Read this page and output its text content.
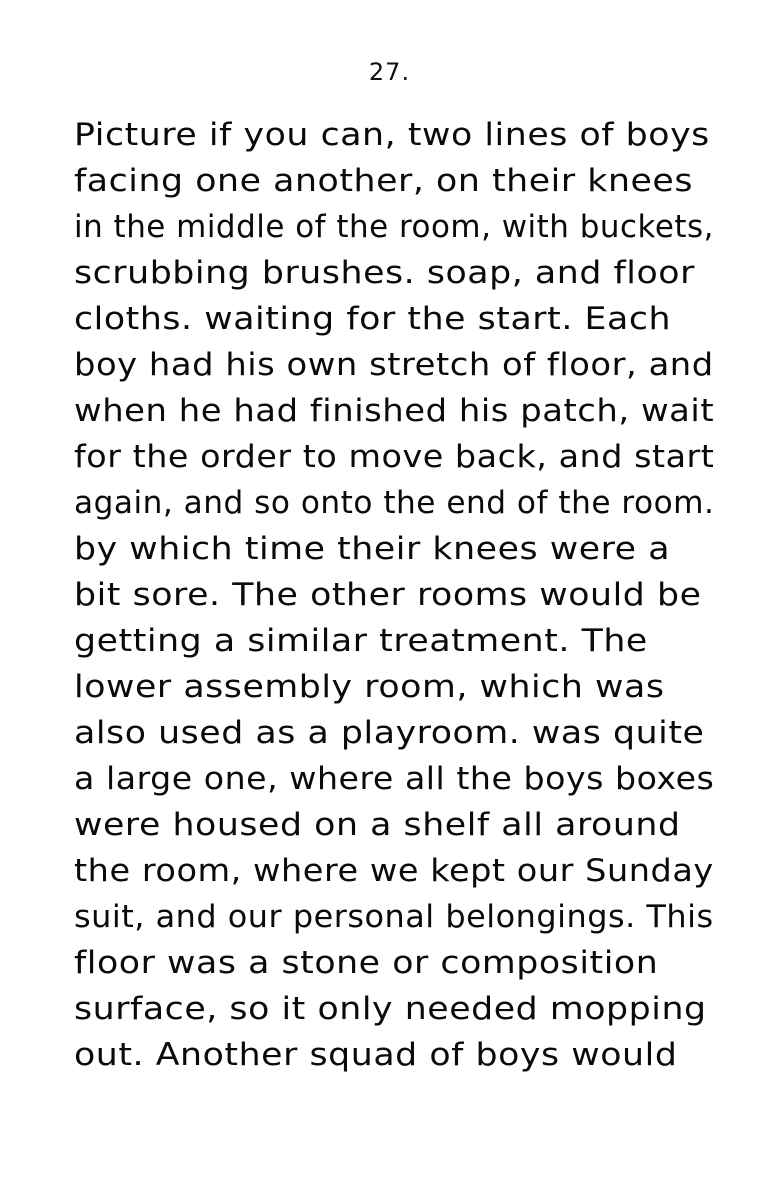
27.
Picture if you can, two lines of boys
facing one another, on their knees
in the middle of the room, with buckets,
scrubbing brushes. soap, and floor
cloths. waiting for the start. Each
boy had his own stretch of floor, and
when he had finished his patch, wait
for the order to move back, and start
again, and so onto the end of the room.
by which time their knees were a
bit sore. The other rooms would be
getting a similar treatment. The
lower assembly room, which was
also used as a playroom. was quite
a large one, where all the boys boxes
were housed on a shelf all around
the room, where we kept our Sunday
suit, and our personal belongings. This
floor was a stone or composition
surface, so it only needed mopping
out. Another squad of boys would
